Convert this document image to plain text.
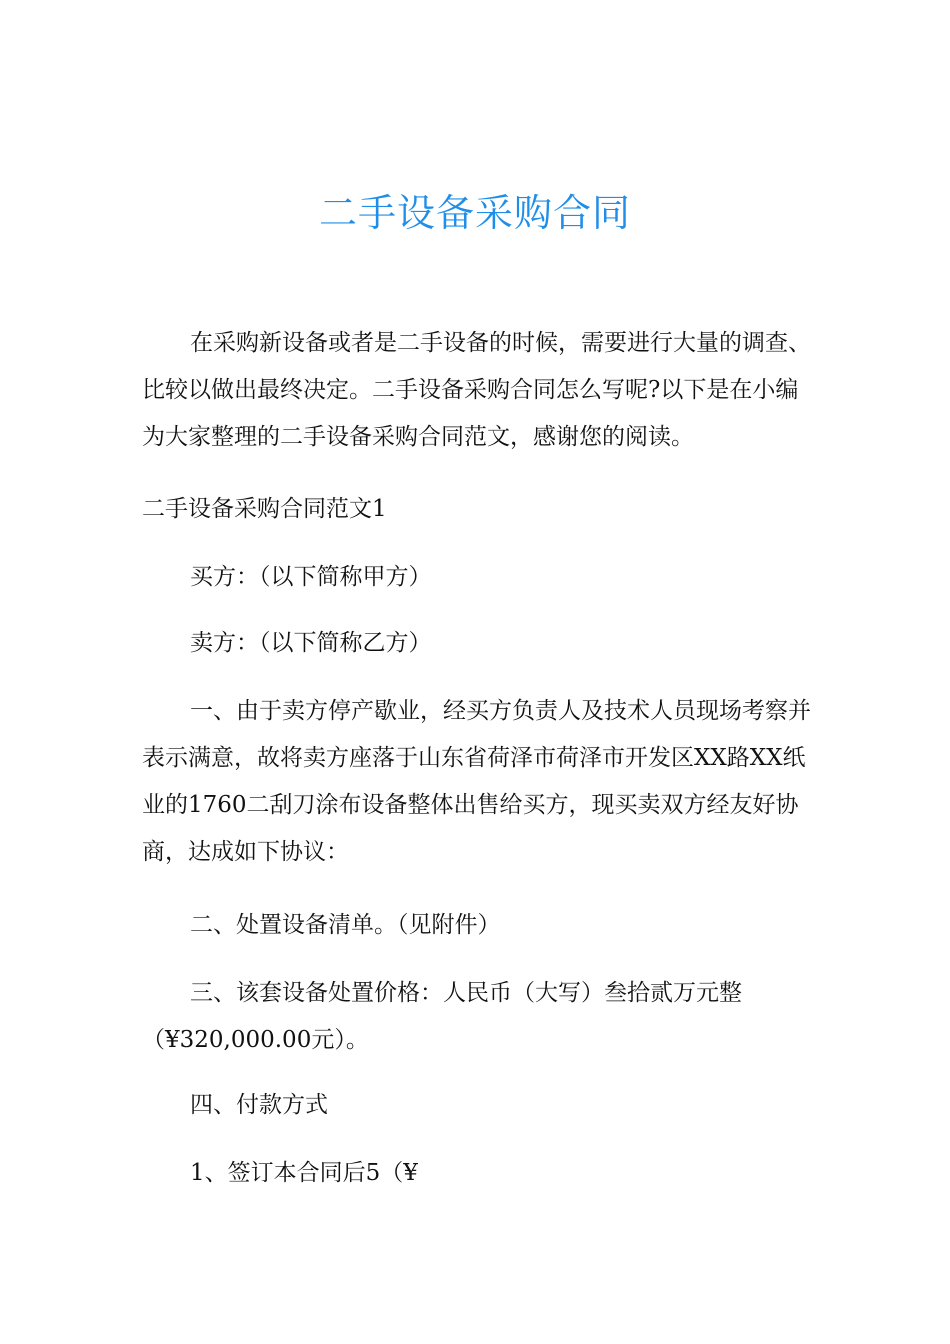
二手设备采购合同

在采购新设备或者是二手设备的时候，需要进行大量的调查、比较以做出最终决定。二手设备采购合同怎么写呢?以下是在小编为大家整理的二手设备采购合同范文，感谢您的阅读。

二手设备采购合同范文1

买方：（以下简称甲方）

卖方：（以下简称乙方）

一、由于卖方停产歇业，经买方负责人及技术人员现场考察并表示满意，故将卖方座落于山东省荷泽市荷泽市开发区XX路XX纸业的1760二刮刀涂布设备整体出售给买方，现买卖双方经友好协商，达成如下协议：

二、处置设备清单。（见附件）

三、该套设备处置价格：人民币（大写）叁拾贰万元整（¥320,000.00元）。

四、付款方式

1、签订本合同后5（¥
